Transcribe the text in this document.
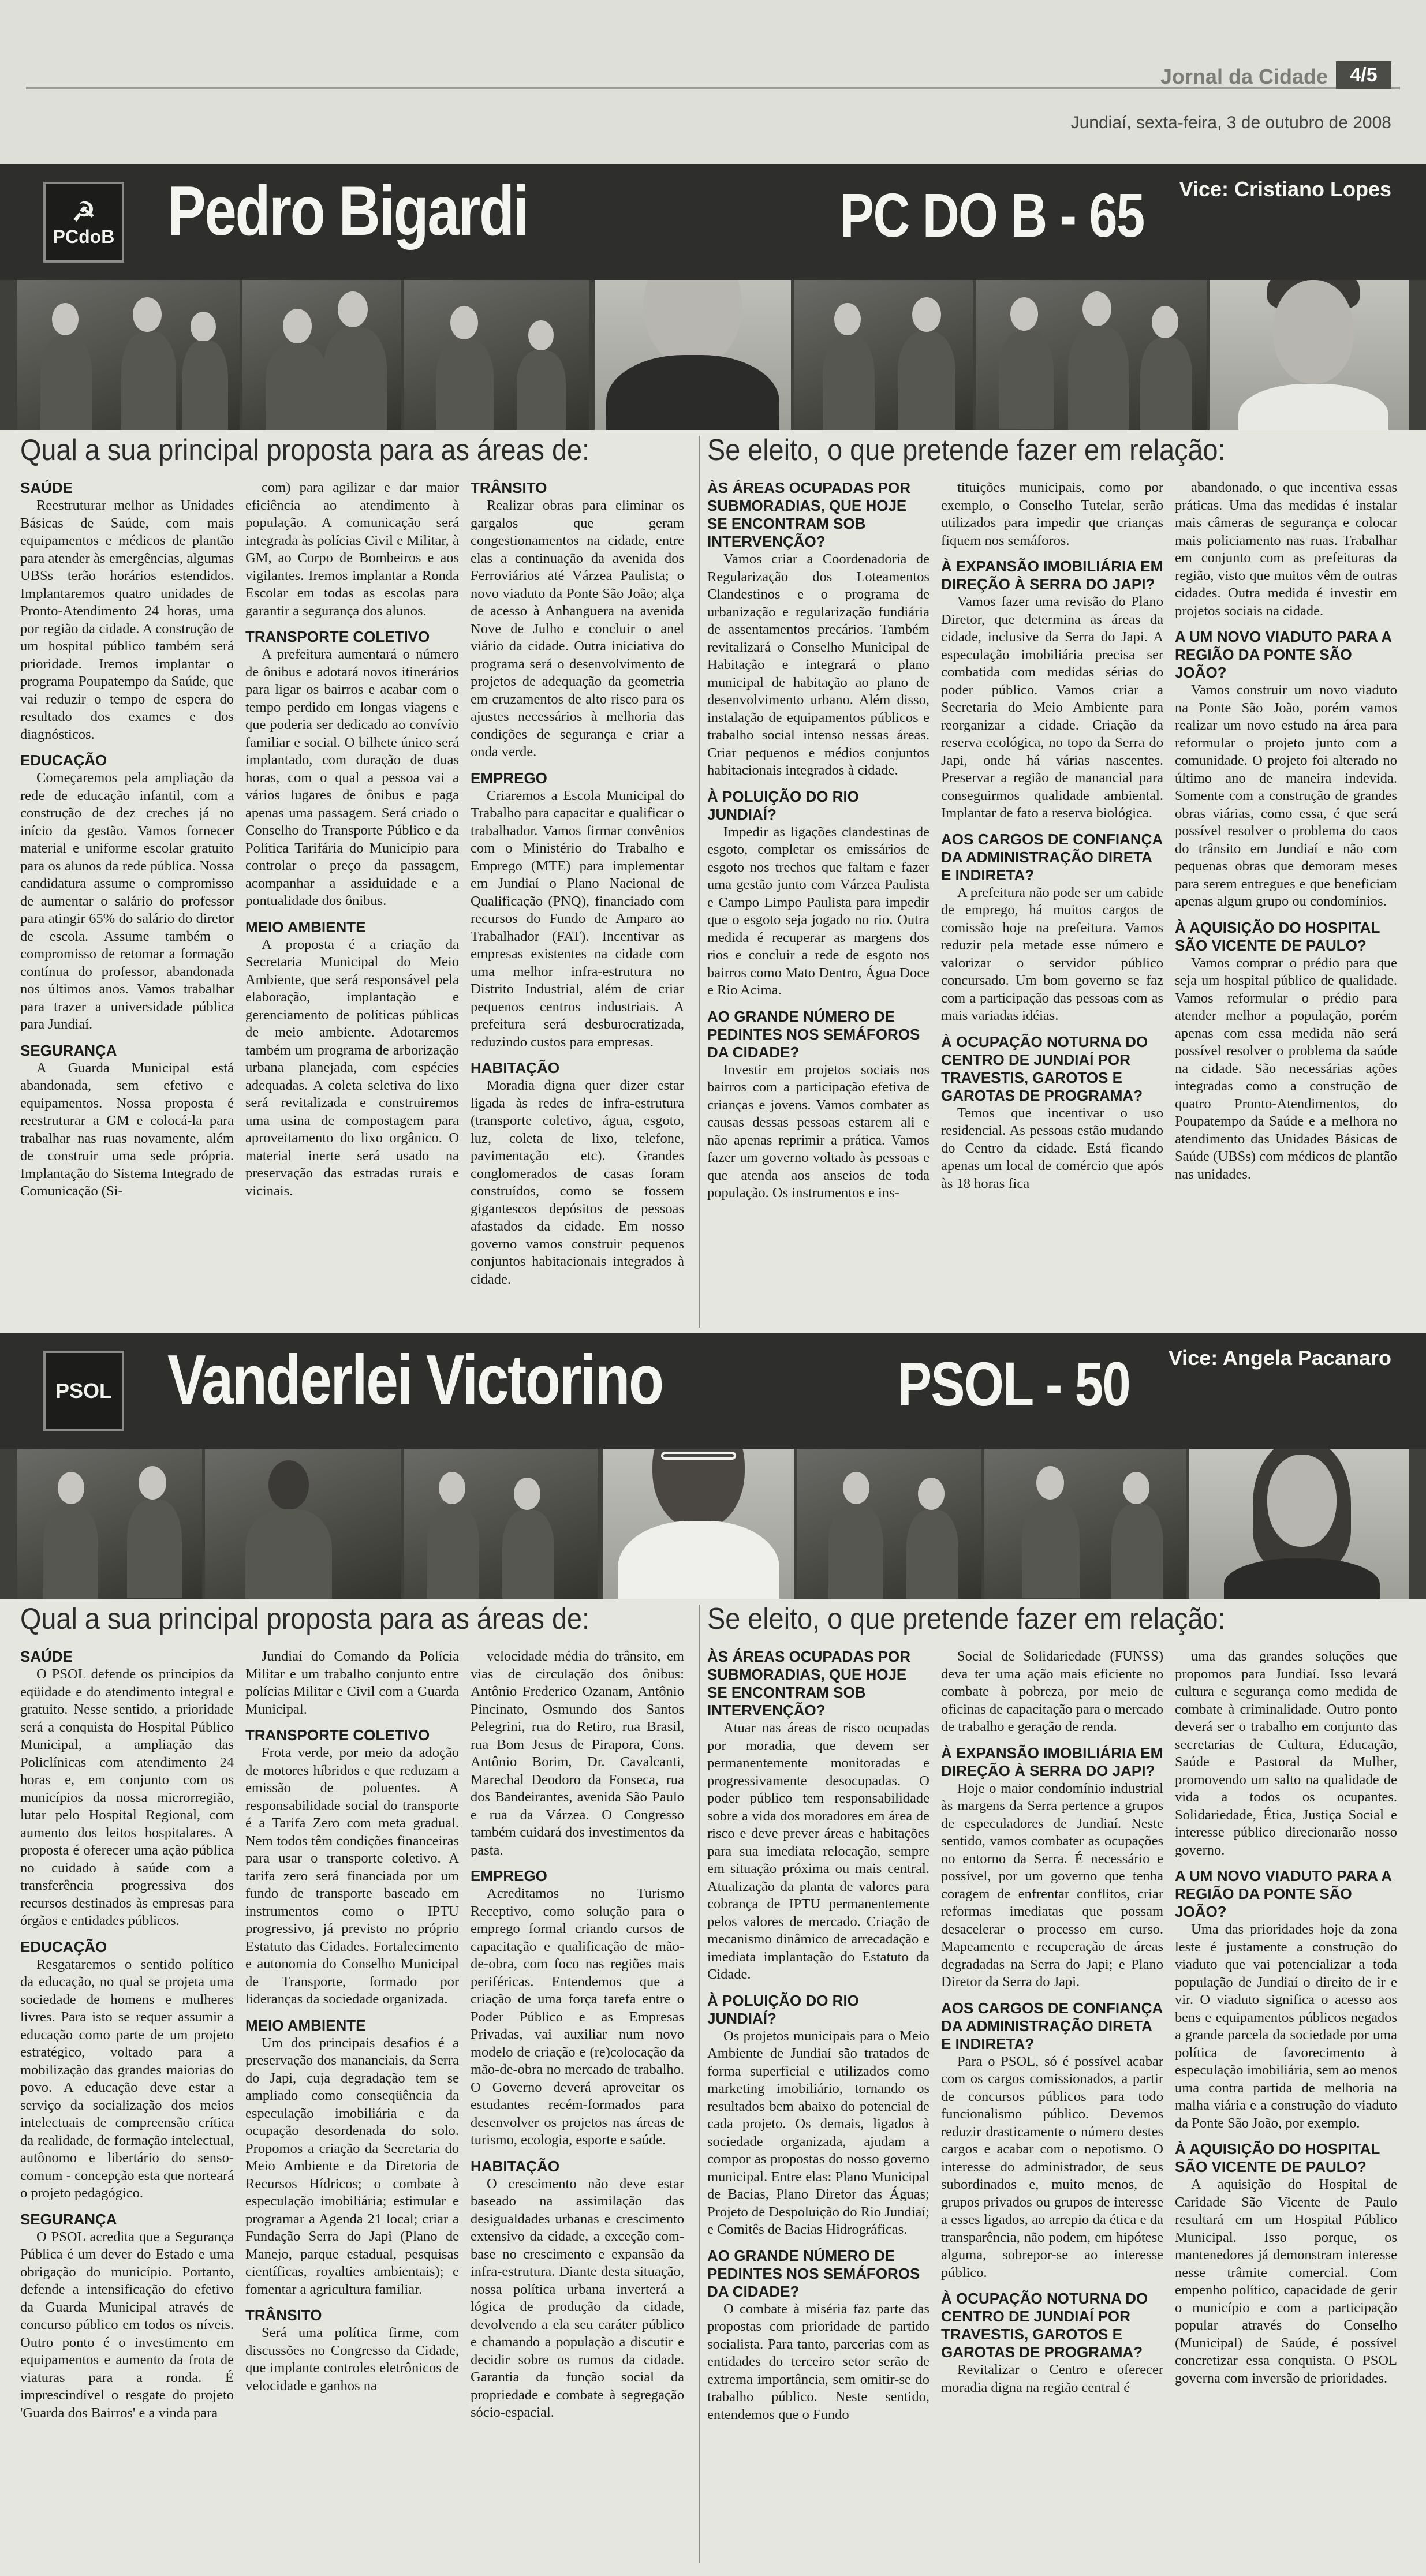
Jornal da Cidade	4/5
Jundiaí, sexta-feira, 3 de outubro de 2008
☭
PCdoB Pedro Bigardi	PC DO B - 65 Vice: Cristiano Lopes
Qual a sua principal proposta para as áreas de:	Se eleito, o que pretende fazer em relação:
SAÚDE

Reestruturar melhor as Unidades Básicas de Saúde, com mais equipamentos e médicos de plantão para atender às emergências, algumas UBSs terão horários estendidos. Implantaremos quatro unidades de Pronto-Atendimento 24 horas, uma por região da cidade. A construção de um hospital público também será prioridade. Iremos implantar o programa Poupatempo da Saúde, que vai reduzir o tempo de espera do resultado dos exames e dos diagnósticos.

EDUCAÇÃO

Começaremos pela ampliação da rede de educação infantil, com a construção de dez creches já no início da gestão. Vamos fornecer material e uniforme escolar gratuito para os alunos da rede pública. Nossa candidatura assume o compromisso de aumentar o salário do professor para atingir 65% do salário do diretor de escola. Assume também o compromisso de retomar a formação contínua do professor, abandonada nos últimos anos. Vamos trabalhar para trazer a universidade pública para Jundiaí.

SEGURANÇA

A Guarda Municipal está abandonada, sem efetivo e equipamentos. Nossa proposta é reestruturar a GM e colocá-la para trabalhar nas ruas novamente, além de construir uma sede própria. Implantação do Sistema Integrado de Comunicação (Si-

com) para agilizar e dar maior eficiência ao atendimento à população. A comunicação será integrada às polícias Civil e Militar, à GM, ao Corpo de Bombeiros e aos vigilantes. Iremos implantar a Ronda Escolar em todas as escolas para garantir a segurança dos alunos.

TRANSPORTE COLETIVO

A prefeitura aumentará o número de ônibus e adotará novos itinerários para ligar os bairros e acabar com o tempo perdido em longas viagens e que poderia ser dedicado ao convívio familiar e social. O bilhete único será implantado, com duração de duas horas, com o qual a pessoa vai a vários lugares de ônibus e paga apenas uma passagem. Será criado o Conselho do Transporte Público e da Política Tarifária do Município para controlar o preço da passagem, acompanhar a assiduidade e a pontualidade dos ônibus.

MEIO AMBIENTE

A proposta é a criação da Secretaria Municipal do Meio Ambiente, que será responsável pela elaboração, implantação e gerenciamento de políticas públicas de meio ambiente. Adotaremos também um programa de arborização urbana planejada, com espécies adequadas. A coleta seletiva do lixo será revitalizada e construiremos uma usina de compostagem para aproveitamento do lixo orgânico. O material inerte será usado na preservação das estradas rurais e vicinais.

TRÂNSITO

Realizar obras para eliminar os gargalos que geram congestionamentos na cidade, entre elas a continuação da avenida dos Ferroviários até Várzea Paulista; o novo viaduto da Ponte São João; alça de acesso à Anhanguera na avenida Nove de Julho e concluir o anel viário da cidade. Outra iniciativa do programa será o desenvolvimento de projetos de adequação da geometria em cruzamentos de alto risco para os ajustes necessários à melhoria das condições de segurança e criar a onda verde.

EMPREGO

Criaremos a Escola Municipal do Trabalho para capacitar e qualificar o trabalhador. Vamos firmar convênios com o Ministério do Trabalho e Emprego (MTE) para implementar em Jundiaí o Plano Nacional de Qualificação (PNQ), financiado com recursos do Fundo de Amparo ao Trabalhador (FAT). Incentivar as empresas existentes na cidade com uma melhor infra-estrutura no Distrito Industrial, além de criar pequenos centros industriais. A prefeitura será desburocratizada, reduzindo custos para empresas.

HABITAÇÃO

Moradia digna quer dizer estar ligada às redes de infra-estrutura (transporte coletivo, água, esgoto, luz, coleta de lixo, telefone, pavimentação etc). Grandes conglomerados de casas foram construídos, como se fossem gigantescos depósitos de pessoas afastados da cidade. Em nosso governo vamos construir pequenos conjuntos habitacionais integrados à cidade.

ÀS ÁREAS OCUPADAS POR SUBMORADIAS, QUE HOJE SE ENCONTRAM SOB INTERVENÇÃO?

Vamos criar a Coordenadoria de Regularização dos Loteamentos Clandestinos e o programa de urbanização e regularização fundiária de assentamentos precários. Também revitalizará o Conselho Municipal de Habitação e integrará o plano municipal de habitação ao plano de desenvolvimento urbano. Além disso, instalação de equipamentos públicos e trabalho social intenso nessas áreas. Criar pequenos e médios conjuntos habitacionais integrados à cidade.

À POLUIÇÃO DO RIO JUNDIAÍ?

Impedir as ligações clandestinas de esgoto, completar os emissários de esgoto nos trechos que faltam e fazer uma gestão junto com Várzea Paulista e Campo Limpo Paulista para impedir que o esgoto seja jogado no rio. Outra medida é recuperar as margens dos rios e concluir a rede de esgoto nos bairros como Mato Dentro, Água Doce e Rio Acima.

AO GRANDE NÚMERO DE PEDINTES NOS SEMÁFOROS DA CIDADE?

Investir em projetos sociais nos bairros com a participação efetiva de crianças e jovens. Vamos combater as causas dessas pessoas estarem ali e não apenas reprimir a prática. Vamos fazer um governo voltado às pessoas e que atenda aos anseios de toda população. Os instrumentos e ins-

tituições municipais, como por exemplo, o Conselho Tutelar, serão utilizados para impedir que crianças fiquem nos semáforos.

À EXPANSÃO IMOBILIÁRIA EM DIREÇÃO À SERRA DO JAPI?

Vamos fazer uma revisão do Plano Diretor, que determina as áreas da cidade, inclusive da Serra do Japi. A especulação imobiliária precisa ser combatida com medidas sérias do poder público. Vamos criar a Secretaria do Meio Ambiente para reorganizar a cidade. Criação da reserva ecológica, no topo da Serra do Japi, onde há várias nascentes. Preservar a região de manancial para conseguirmos qualidade ambiental. Implantar de fato a reserva biológica.

AOS CARGOS DE CONFIANÇA DA ADMINISTRAÇÃO DIRETA E INDIRETA?

A prefeitura não pode ser um cabide de emprego, há muitos cargos de comissão hoje na prefeitura. Vamos reduzir pela metade esse número e valorizar o servidor público concursado. Um bom governo se faz com a participação das pessoas com as mais variadas idéias.

À OCUPAÇÃO NOTURNA DO CENTRO DE JUNDIAÍ POR TRAVESTIS, GAROTOS E GAROTAS DE PROGRAMA?

Temos que incentivar o uso residencial. As pessoas estão mudando do Centro da cidade. Está ficando apenas um local de comércio que após às 18 horas fica

abandonado, o que incentiva essas práticas. Uma das medidas é instalar mais câmeras de segurança e colocar mais policiamento nas ruas. Trabalhar em conjunto com as prefeituras da região, visto que muitos vêm de outras cidades. Outra medida é investir em projetos sociais na cidade.

A UM NOVO VIADUTO PARA A REGIÃO DA PONTE SÃO JOÃO?

Vamos construir um novo viaduto na Ponte São João, porém vamos realizar um novo estudo na área para reformular o projeto junto com a comunidade. O projeto foi alterado no último ano de maneira indevida. Somente com a construção de grandes obras viárias, como essa, é que será possível resolver o problema do caos do trânsito em Jundiaí e não com pequenas obras que demoram meses para serem entregues e que beneficiam apenas algum grupo ou condomínios.

À AQUISIÇÃO DO HOSPITAL SÃO VICENTE DE PAULO?

Vamos comprar o prédio para que seja um hospital público de qualidade. Vamos reformular o prédio para atender melhor a população, porém apenas com essa medida não será possível resolver o problema da saúde na cidade. São necessárias ações integradas como a construção de quatro Pronto-Atendimentos, do Poupatempo da Saúde e a melhora no atendimento das Unidades Básicas de Saúde (UBSs) com médicos de plantão nas unidades.

PSOL Vanderlei Victorino	PSOL - 50 Vice: Angela Pacanaro
Qual a sua principal proposta para as áreas de:	Se eleito, o que pretende fazer em relação:
SAÚDE

O PSOL defende os princípios da eqüidade e do atendimento integral e gratuito. Nesse sentido, a prioridade será a conquista do Hospital Público Municipal, a ampliação das Policlínicas com atendimento 24 horas e, em conjunto com os municípios da nossa microrregião, lutar pelo Hospital Regional, com aumento dos leitos hospitalares. A proposta é oferecer uma ação pública no cuidado à saúde com a transferência progressiva dos recursos destinados às empresas para órgãos e entidades públicos.

EDUCAÇÃO

Resgataremos o sentido político da educação, no qual se projeta uma sociedade de homens e mulheres livres. Para isto se requer assumir a educação como parte de um projeto estratégico, voltado para a mobilização das grandes maiorias do povo. A educação deve estar a serviço da socialização dos meios intelectuais de compreensão crítica da realidade, de formação intelectual, autônomo e libertário do senso-comum - concepção esta que norteará o projeto pedagógico.

SEGURANÇA

O PSOL acredita que a Segurança Pública é um dever do Estado e uma obrigação do município. Portanto, defende a intensificação do efetivo da Guarda Municipal através de concurso público em todos os níveis. Outro ponto é o investimento em equipamentos e aumento da frota de viaturas para a ronda. É imprescindível o resgate do projeto 'Guarda dos Bairros' e a vinda para

Jundiaí do Comando da Polícia Militar e um trabalho conjunto entre polícias Militar e Civil com a Guarda Municipal.

TRANSPORTE COLETIVO

Frota verde, por meio da adoção de motores híbridos e que reduzam a emissão de poluentes. A responsabilidade social do transporte é a Tarifa Zero com meta gradual. Nem todos têm condições financeiras para usar o transporte coletivo. A tarifa zero será financiada por um fundo de transporte baseado em instrumentos como o IPTU progressivo, já previsto no próprio Estatuto das Cidades. Fortalecimento e autonomia do Conselho Municipal de Transporte, formado por lideranças da sociedade organizada.

MEIO AMBIENTE

Um dos principais desafios é a preservação dos mananciais, da Serra do Japi, cuja degradação tem se ampliado como conseqüência da especulação imobiliária e da ocupação desordenada do solo. Propomos a criação da Secretaria do Meio Ambiente e da Diretoria de Recursos Hídricos; o combate à especulação imobiliária; estimular e programar a Agenda 21 local; criar a Fundação Serra do Japi (Plano de Manejo, parque estadual, pesquisas científicas, royalties ambientais); e fomentar a agricultura familiar.

TRÂNSITO

Será uma política firme, com discussões no Congresso da Cidade, que implante controles eletrônicos de velocidade e ganhos na

velocidade média do trânsito, em vias de circulação dos ônibus: Antônio Frederico Ozanam, Antônio Pincinato, Osmundo dos Santos Pelegrini, rua do Retiro, rua Brasil, rua Bom Jesus de Pirapora, Cons. Antônio Borim, Dr. Cavalcanti, Marechal Deodoro da Fonseca, rua dos Bandeirantes, avenida São Paulo e rua da Várzea. O Congresso também cuidará dos investimentos da pasta.

EMPREGO

Acreditamos no Turismo Receptivo, como solução para o emprego formal criando cursos de capacitação e qualificação de mão-de-obra, com foco nas regiões mais periféricas. Entendemos que a criação de uma força tarefa entre o Poder Público e as Empresas Privadas, vai auxiliar num novo modelo de criação e (re)colocação da mão-de-obra no mercado de trabalho. O Governo deverá aproveitar os estudantes recém-formados para desenvolver os projetos nas áreas de turismo, ecologia, esporte e saúde.

HABITAÇÃO

O crescimento não deve estar baseado na assimilação das desigualdades urbanas e crescimento extensivo da cidade, a exceção com-base no crescimento e expansão da infra-estrutura. Diante desta situação, nossa política urbana inverterá a lógica de produção da cidade, devolvendo a ela seu caráter público e chamando a população a discutir e decidir sobre os rumos da cidade. Garantia da função social da propriedade e combate à segregação sócio-espacial.

ÀS ÁREAS OCUPADAS POR SUBMORADIAS, QUE HOJE SE ENCONTRAM SOB INTERVENÇÃO?

Atuar nas áreas de risco ocupadas por moradia, que devem ser permanentemente monitoradas e progressivamente desocupadas. O poder público tem responsabilidade sobre a vida dos moradores em área de risco e deve prever áreas e habitações para sua imediata relocação, sempre em situação próxima ou mais central. Atualização da planta de valores para cobrança de IPTU permanentemente pelos valores de mercado. Criação de mecanismo dinâmico de arrecadação e imediata implantação do Estatuto da Cidade.

À POLUIÇÃO DO RIO JUNDIAÍ?

Os projetos municipais para o Meio Ambiente de Jundiaí são tratados de forma superficial e utilizados como marketing imobiliário, tornando os resultados bem abaixo do potencial de cada projeto. Os demais, ligados à sociedade organizada, ajudam a compor as propostas do nosso governo municipal. Entre elas: Plano Municipal de Bacias, Plano Diretor das Águas; Projeto de Despoluição do Rio Jundiaí; e Comitês de Bacias Hidrográficas.

AO GRANDE NÚMERO DE PEDINTES NOS SEMÁFOROS DA CIDADE?

O combate à miséria faz parte das propostas com prioridade de partido socialista. Para tanto, parcerias com as entidades do terceiro setor serão de extrema importância, sem omitir-se do trabalho público. Neste sentido, entendemos que o Fundo

Social de Solidariedade (FUNSS) deva ter uma ação mais eficiente no combate à pobreza, por meio de oficinas de capacitação para o mercado de trabalho e geração de renda.

À EXPANSÃO IMOBILIÁRIA EM DIREÇÃO À SERRA DO JAPI?

Hoje o maior condomínio industrial às margens da Serra pertence a grupos de especuladores de Jundiaí. Neste sentido, vamos combater as ocupações no entorno da Serra. É necessário e possível, por um governo que tenha coragem de enfrentar conflitos, criar reformas imediatas que possam desacelerar o processo em curso. Mapeamento e recuperação de áreas degradadas na Serra do Japi; e Plano Diretor da Serra do Japi.

AOS CARGOS DE CONFIANÇA DA ADMINISTRAÇÃO DIRETA E INDIRETA?

Para o PSOL, só é possível acabar com os cargos comissionados, a partir de concursos públicos para todo funcionalismo público. Devemos reduzir drasticamente o número destes cargos e acabar com o nepotismo. O interesse do administrador, de seus subordinados e, muito menos, de grupos privados ou grupos de interesse a esses ligados, ao arrepio da ética e da transparência, não podem, em hipótese alguma, sobrepor-se ao interesse público.

À OCUPAÇÃO NOTURNA DO CENTRO DE JUNDIAÍ POR TRAVESTIS, GAROTOS E GAROTAS DE PROGRAMA?

Revitalizar o Centro e oferecer moradia digna na região central é

uma das grandes soluções que propomos para Jundiaí. Isso levará cultura e segurança como medida de combate à criminalidade. Outro ponto deverá ser o trabalho em conjunto das secretarias de Cultura, Educação, Saúde e Pastoral da Mulher, promovendo um salto na qualidade de vida a todos os ocupantes. Solidariedade, Ética, Justiça Social e interesse público direcionarão nosso governo.

A UM NOVO VIADUTO PARA A REGIÃO DA PONTE SÃO JOÃO?

Uma das prioridades hoje da zona leste é justamente a construção do viaduto que vai potencializar a toda população de Jundiaí o direito de ir e vir. O viaduto significa o acesso aos bens e equipamentos públicos negados a grande parcela da sociedade por uma política de favorecimento à especulação imobiliária, sem ao menos uma contra partida de melhoria na malha viária e a construção do viaduto da Ponte São João, por exemplo.

À AQUISIÇÃO DO HOSPITAL SÃO VICENTE DE PAULO?

A aquisição do Hospital de Caridade São Vicente de Paulo resultará em um Hospital Público Municipal. Isso porque, os mantenedores já demonstram interesse nesse trâmite comercial. Com empenho político, capacidade de gerir o município e com a participação popular através do Conselho (Municipal) de Saúde, é possível concretizar essa conquista. O PSOL governa com inversão de prioridades.
